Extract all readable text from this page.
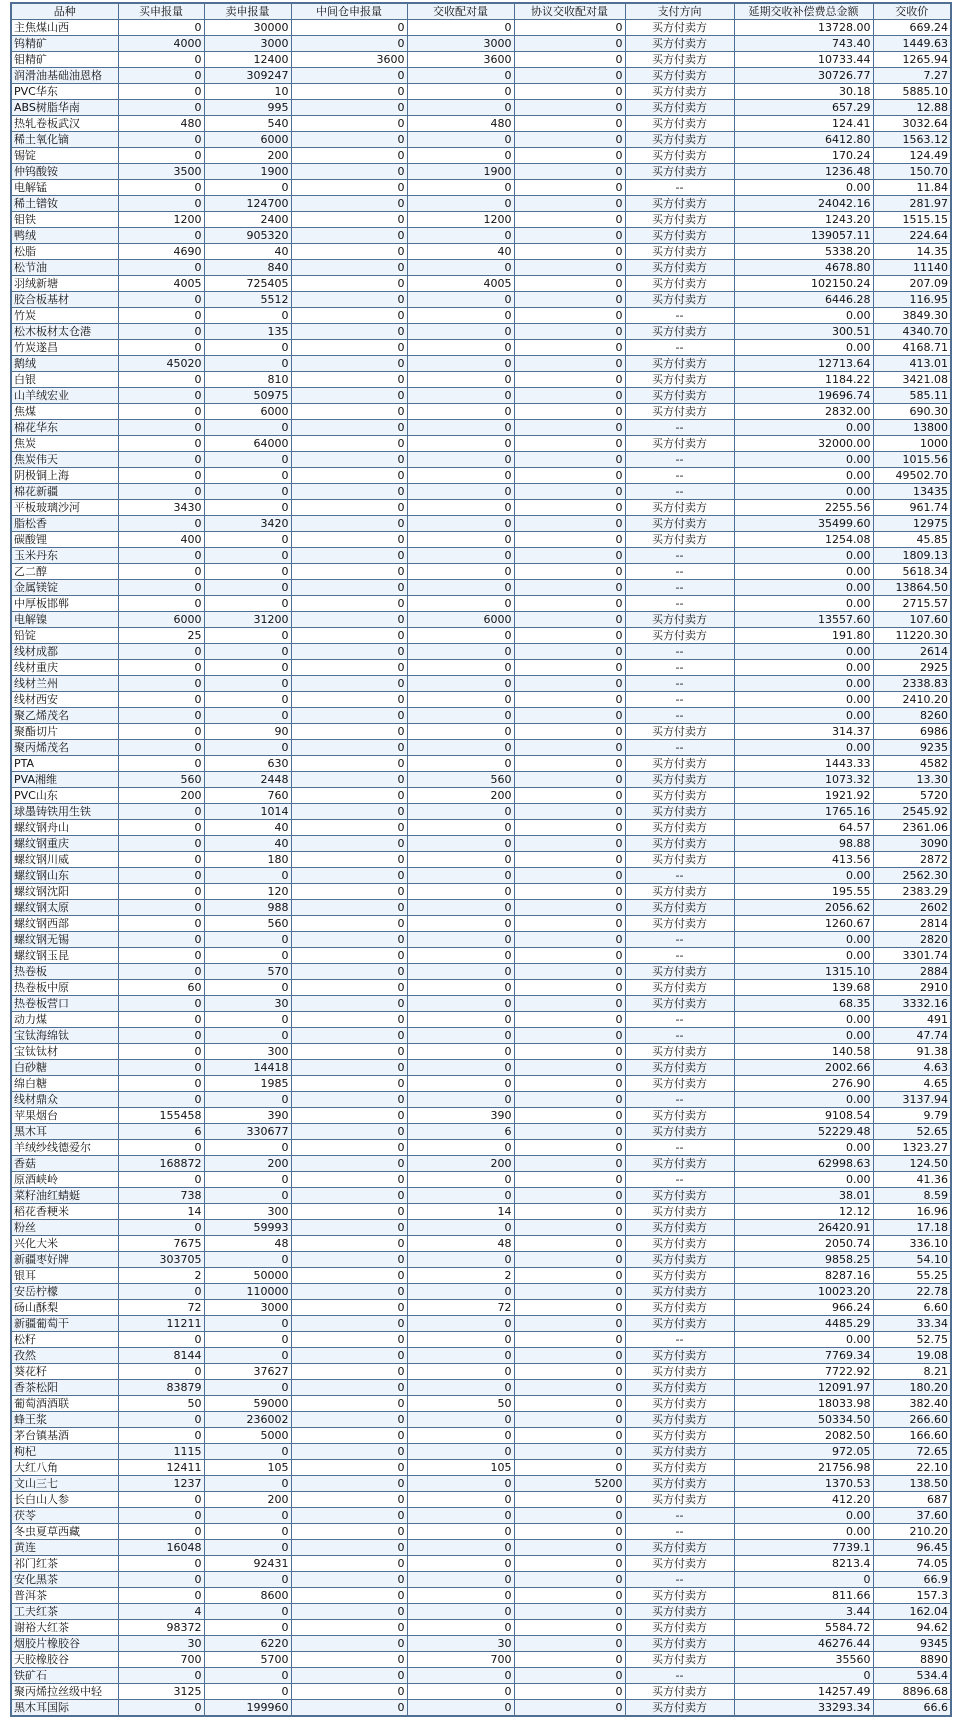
品种	买申报量	卖申报量	中间仓申报量	交收配对量	协议交收配对量	支付方向	延期交收补偿费总金额	交收价
主焦煤山西	0	30000	0	0	0	买方付卖方	13728.00	669.24
钨精矿	4000	3000	0	3000	0	买方付卖方	743.40	1449.63
钼精矿	0	12400	3600	3600	0	买方付卖方	10733.44	1265.94
润滑油基础油恩格	0	309247	0	0	0	买方付卖方	30726.77	7.27
PVC华东	0	10	0	0	0	买方付卖方	30.18	5885.10
ABS树脂华南	0	995	0	0	0	买方付卖方	657.29	12.88
热轧卷板武汉	480	540	0	480	0	买方付卖方	124.41	3032.64
稀土氧化镝	0	6000	0	0	0	买方付卖方	6412.80	1563.12
锡锭	0	200	0	0	0	买方付卖方	170.24	124.49
仲钨酸铵	3500	1900	0	1900	0	买方付卖方	1236.48	150.70
电解锰	0	0	0	0	0	--	0.00	11.84
稀土镨钕	0	124700	0	0	0	买方付卖方	24042.16	281.97
钼铁	1200	2400	0	1200	0	买方付卖方	1243.20	1515.15
鸭绒	0	905320	0	0	0	买方付卖方	139057.11	224.64
松脂	4690	40	0	40	0	买方付卖方	5338.20	14.35
松节油	0	840	0	0	0	买方付卖方	4678.80	11140
羽绒新塘	4005	725405	0	4005	0	买方付卖方	102150.24	207.09
胶合板基材	0	5512	0	0	0	买方付卖方	6446.28	116.95
竹炭	0	0	0	0	0	--	0.00	3849.30
松木板材太仓港	0	135	0	0	0	买方付卖方	300.51	4340.70
竹炭遂昌	0	0	0	0	0	--	0.00	4168.71
鹅绒	45020	0	0	0	0	买方付卖方	12713.64	413.01
白银	0	810	0	0	0	买方付卖方	1184.22	3421.08
山羊绒宏业	0	50975	0	0	0	买方付卖方	19696.74	585.11
焦煤	0	6000	0	0	0	买方付卖方	2832.00	690.30
棉花华东	0	0	0	0	0	--	0.00	13800
焦炭	0	64000	0	0	0	买方付卖方	32000.00	1000
焦炭伟天	0	0	0	0	0	--	0.00	1015.56
阴极铜上海	0	0	0	0	0	--	0.00	49502.70
棉花新疆	0	0	0	0	0	--	0.00	13435
平板玻璃沙河	3430	0	0	0	0	买方付卖方	2255.56	961.74
脂松香	0	3420	0	0	0	买方付卖方	35499.60	12975
碳酸锂	400	0	0	0	0	买方付卖方	1254.08	45.85
玉米丹东	0	0	0	0	0	--	0.00	1809.13
乙二醇	0	0	0	0	0	--	0.00	5618.34
金属镁锭	0	0	0	0	0	--	0.00	13864.50
中厚板邯郸	0	0	0	0	0	--	0.00	2715.57
电解镍	6000	31200	0	6000	0	买方付卖方	13557.60	107.60
铅锭	25	0	0	0	0	买方付卖方	191.80	11220.30
线材成都	0	0	0	0	0	--	0.00	2614
线材重庆	0	0	0	0	0	--	0.00	2925
线材兰州	0	0	0	0	0	--	0.00	2338.83
线材西安	0	0	0	0	0	--	0.00	2410.20
聚乙烯茂名	0	0	0	0	0	--	0.00	8260
聚酯切片	0	90	0	0	0	买方付卖方	314.37	6986
聚丙烯茂名	0	0	0	0	0	--	0.00	9235
PTA	0	630	0	0	0	买方付卖方	1443.33	4582
PVA湘维	560	2448	0	560	0	买方付卖方	1073.32	13.30
PVC山东	200	760	0	200	0	买方付卖方	1921.92	5720
球墨铸铁用生铁	0	1014	0	0	0	买方付卖方	1765.16	2545.92
螺纹钢舟山	0	40	0	0	0	买方付卖方	64.57	2361.06
螺纹钢重庆	0	40	0	0	0	买方付卖方	98.88	3090
螺纹钢川威	0	180	0	0	0	买方付卖方	413.56	2872
螺纹钢山东	0	0	0	0	0	--	0.00	2562.30
螺纹钢沈阳	0	120	0	0	0	买方付卖方	195.55	2383.29
螺纹钢太原	0	988	0	0	0	买方付卖方	2056.62	2602
螺纹钢西部	0	560	0	0	0	买方付卖方	1260.67	2814
螺纹钢无锡	0	0	0	0	0	--	0.00	2820
螺纹钢玉昆	0	0	0	0	0	--	0.00	3301.74
热卷板	0	570	0	0	0	买方付卖方	1315.10	2884
热卷板中原	60	0	0	0	0	买方付卖方	139.68	2910
热卷板营口	0	30	0	0	0	买方付卖方	68.35	3332.16
动力煤	0	0	0	0	0	--	0.00	491
宝钛海绵钛	0	0	0	0	0	--	0.00	47.74
宝钛钛材	0	300	0	0	0	买方付卖方	140.58	91.38
白砂糖	0	14418	0	0	0	买方付卖方	2002.66	4.63
绵白糖	0	1985	0	0	0	买方付卖方	276.90	4.65
线材鼎众	0	0	0	0	0	--	0.00	3137.94
苹果烟台	155458	390	0	390	0	买方付卖方	9108.54	9.79
黑木耳	6	330677	0	6	0	买方付卖方	52229.48	52.65
羊绒纱线德爱尔	0	0	0	0	0	--	0.00	1323.27
香菇	168872	200	0	200	0	买方付卖方	62998.63	124.50
原酒峡岭	0	0	0	0	0	--	0.00	41.36
菜籽油红蜻蜓	738	0	0	0	0	买方付卖方	38.01	8.59
稻花香粳米	14	300	0	14	0	买方付卖方	12.12	16.96
粉丝	0	59993	0	0	0	买方付卖方	26420.91	17.18
兴化大米	7675	48	0	48	0	买方付卖方	2050.74	336.10
新疆枣好牌	303705	0	0	0	0	买方付卖方	9858.25	54.10
银耳	2	50000	0	2	0	买方付卖方	8287.16	55.25
安岳柠檬	0	110000	0	0	0	买方付卖方	10023.20	22.78
砀山酥梨	72	3000	0	72	0	买方付卖方	966.24	6.60
新疆葡萄干	11211	0	0	0	0	买方付卖方	4485.29	33.34
松籽	0	0	0	0	0	--	0.00	52.75
孜然	8144	0	0	0	0	买方付卖方	7769.34	19.08
葵花籽	0	37627	0	0	0	买方付卖方	7722.92	8.21
香茶松阳	83879	0	0	0	0	买方付卖方	12091.97	180.20
葡萄酒酒联	50	59000	0	50	0	买方付卖方	18033.98	382.40
蜂王浆	0	236002	0	0	0	买方付卖方	50334.50	266.60
茅台镇基酒	0	5000	0	0	0	买方付卖方	2082.50	166.60
枸杞	1115	0	0	0	0	买方付卖方	972.05	72.65
大红八角	12411	105	0	105	0	买方付卖方	21756.98	22.10
文山三七	1237	0	0	0	5200	买方付卖方	1370.53	138.50
长白山人参	0	200	0	0	0	买方付卖方	412.20	687
茯苓	0	0	0	0	0	--	0.00	37.60
冬虫夏草西藏	0	0	0	0	0	--	0.00	210.20
黄连	16048	0	0	0	0	买方付卖方	7739.1	96.45
祁门红茶	0	92431	0	0	0	买方付卖方	8213.4	74.05
安化黑茶	0	0	0	0	0	--	0	66.9
普洱茶	0	8600	0	0	0	买方付卖方	811.66	157.3
工夫红茶	4	0	0	0	0	买方付卖方	3.44	162.04
谢裕大红茶	98372	0	0	0	0	买方付卖方	5584.72	94.62
烟胶片橡胶谷	30	6220	0	30	0	买方付卖方	46276.44	9345
天胶橡胶谷	700	5700	0	700	0	买方付卖方	35560	8890
铁矿石	0	0	0	0	0	--	0	534.4
聚丙烯拉丝级中轻	3125	0	0	0	0	买方付卖方	14257.49	8896.68
黑木耳国际	0	199960	0	0	0	买方付卖方	33293.34	66.6
